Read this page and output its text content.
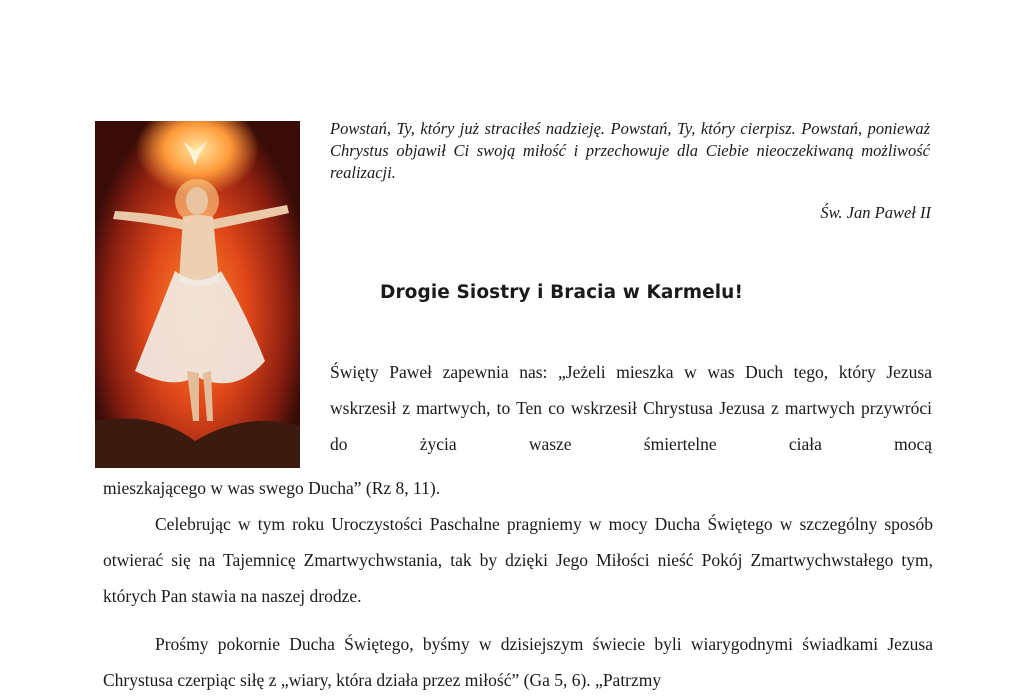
Powstań, Ty, który już straciłeś nadzieję. Powstań, Ty, który cierpisz. Powstań, ponieważ Chrystus objawił Ci swoją miłość i przechowuje dla Ciebie nieoczekiwaną możliwość realizacji.
Św. Jan Paweł II
Drogie Siostry i Bracia w Karmelu!

Święty Paweł zapewnia nas: „Jeżeli mieszka w was Duch tego, który Jezusa wskrzesił z martwych, to Ten co wskrzesił Chrystusa Jezusa z martwych przywróci do życia wasze śmiertelne ciała mocą

mieszkającego w was swego Ducha” (Rz 8, 11).

Celebrując w tym roku Uroczystości Paschalne pragniemy w mocy Ducha Świętego w szczególny sposób otwierać się na Tajemnicę Zmartwychwstania, tak by dzięki Jego Miłości nieść Pokój Zmartwychwstałego tym, których Pan stawia na naszej drodze.

Prośmy pokornie Ducha Świętego, byśmy w dzisiejszym świecie byli wiarygodnymi świadkami Jezusa Chrystusa czerpiąc siłę z „wiary, która działa przez miłość” (Ga 5, 6). „Patrzmy
